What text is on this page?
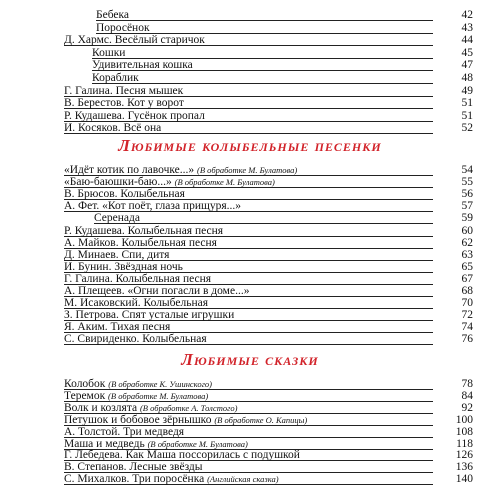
Бебека	42
Поросёнок	43
Д. Хармс. Весёлый старичок	44
Кошки	45
Удивительная кошка	47
Кораблик	48
Г. Галина. Песня мышек	49
В. Берестов. Кот у ворот	51
Р. Кудашева. Гусёнок пропал	51
И. Косяков. Всё она	52
Любимые колыбельные песенки
«Идёт котик по лавочке...» (В обработке М. Булатова)	54
«Баю-баюшки-баю...» (В обработке М. Булатова)	55
В. Брюсов. Колыбельная	56
А. Фет. «Кот поёт, глаза прищуря...»	57
Серенада	59
Р. Кудашева. Колыбельная песня	60
А. Майков. Колыбельная песня	62
Д. Минаев. Спи, дитя	63
И. Бунин. Звёздная ночь	65
Г. Галина. Колыбельная песня	67
А. Плещеев. «Огни погасли в доме...»	68
М. Исаковский. Колыбельная	70
З. Петрова. Спят усталые игрушки	72
Я. Аким. Тихая песня	74
С. Свириденко. Колыбельная	76
Любимые сказки
Колобок (В обработке К. Ушинского)	78
Теремок (В обработке М. Булатова)	84
Волк и козлята (В обработке А. Толстого)	92
Петушок и бобовое зёрнышко (В обработке О. Капицы)	100
А. Толстой. Три медведя	108
Маша и медведь (В обработке М. Булатова)	118
Г. Лебедева. Как Маша поссорилась с подушкой	126
В. Степанов. Лесные звёзды	136
С. Михалков. Три поросёнка (Английская сказка)	140
